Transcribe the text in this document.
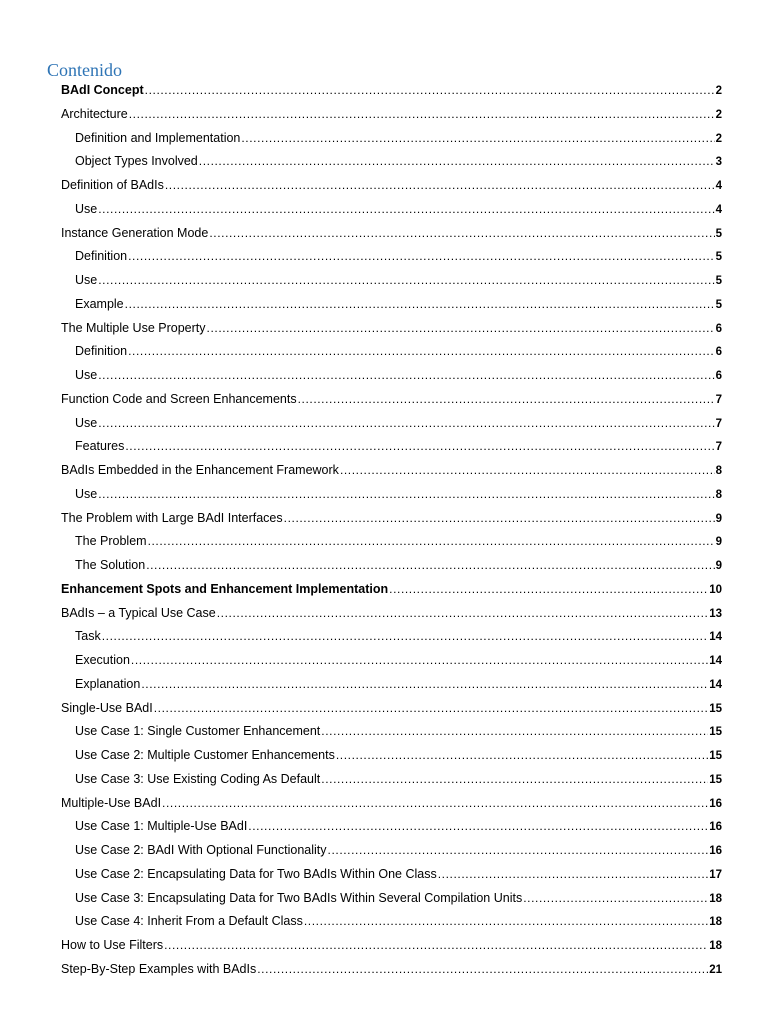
Contenido
BAdI Concept .....	2
Architecture .....	2
Definition and Implementation .....	2
Object Types Involved .....	3
Definition of BAdIs .....	4
Use .....	4
Instance Generation Mode .....	5
Definition .....	5
Use .....	5
Example .....	5
The Multiple Use Property .....	6
Definition .....	6
Use .....	6
Function Code and Screen Enhancements .....	7
Use .....	7
Features .....	7
BAdIs Embedded in the Enhancement Framework .....	8
Use .....	8
The Problem with Large BAdI Interfaces .....	9
The Problem .....	9
The Solution .....	9
Enhancement Spots and Enhancement Implementation .....	10
BAdIs – a Typical Use Case .....	13
Task .....	14
Execution .....	14
Explanation .....	14
Single-Use BAdI .....	15
Use Case 1: Single Customer Enhancement .....	15
Use Case 2: Multiple Customer Enhancements .....	15
Use Case 3: Use Existing Coding As Default .....	15
Multiple-Use BAdI .....	16
Use Case 1: Multiple-Use BAdI .....	16
Use Case 2: BAdI With Optional Functionality .....	16
Use Case 2: Encapsulating Data for Two BAdIs Within One Class .....	17
Use Case 3: Encapsulating Data for Two BAdIs Within Several Compilation Units .....	18
Use Case 4: Inherit From a Default Class .....	18
How to Use Filters .....	18
Step-By-Step Examples with BAdIs .....	21
